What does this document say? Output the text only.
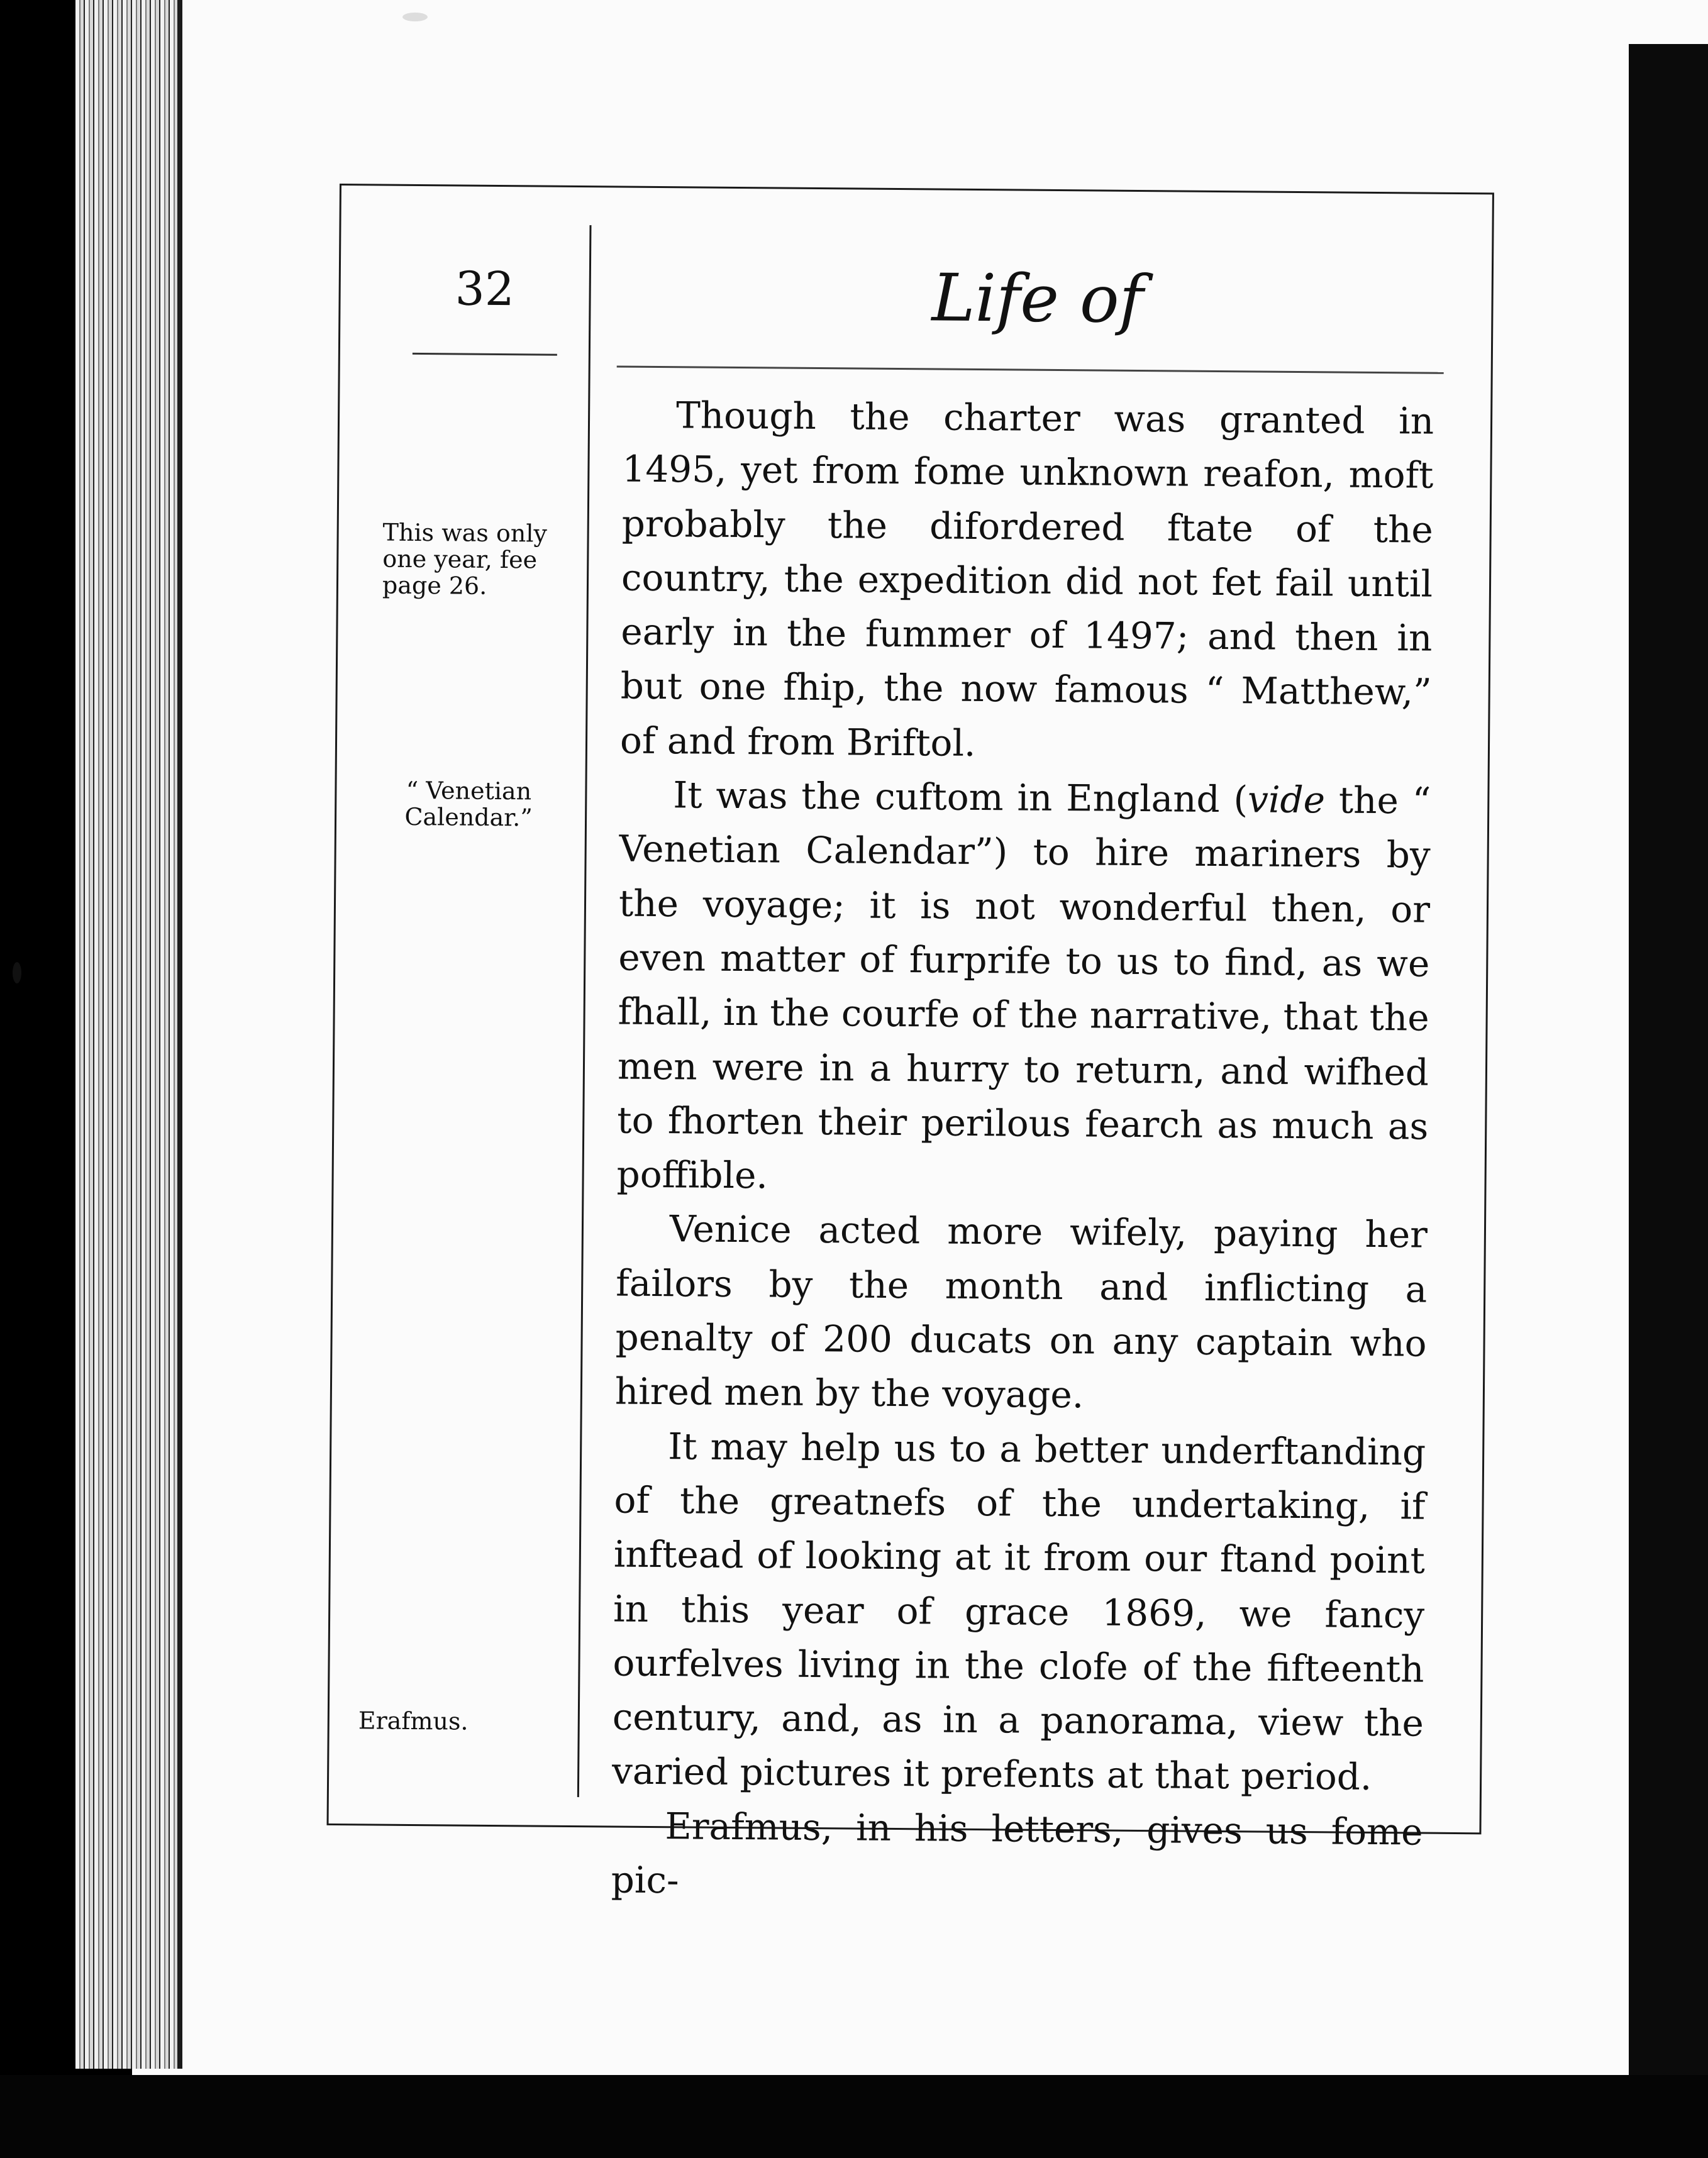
32	Life of
This was only one year, fee page 26.
“ Venetian Calendar.”
Erafmus.

Though the charter was granted in 1495, yet from fome unknown reafon, moft probably the difordered ftate of the country, the expedition did not fet fail until early in the fummer of 1497; and then in but one fhip, the now famous “ Matthew,” of and from Briftol.

It was the cuftom in England (vide the “ Venetian Calendar”) to hire mariners by the voyage; it is not wonderful then, or even matter of furprife to us to find, as we fhall, in the courfe of the narrative, that the men were in a hurry to return, and wifhed to fhorten their perilous fearch as much as poffible.

Venice acted more wifely, paying her failors by the month and inflicting a penalty of 200 ducats on any captain who hired men by the voyage.

It may help us to a better underftanding of the greatnefs of the undertaking, if inftead of looking at it from our ftand point in this year of grace 1869, we fancy ourfelves living in the clofe of the fifteenth century, and, as in a panorama, view the varied pictures it prefents at that period.

Erafmus, in his letters, gives us fome pic-
